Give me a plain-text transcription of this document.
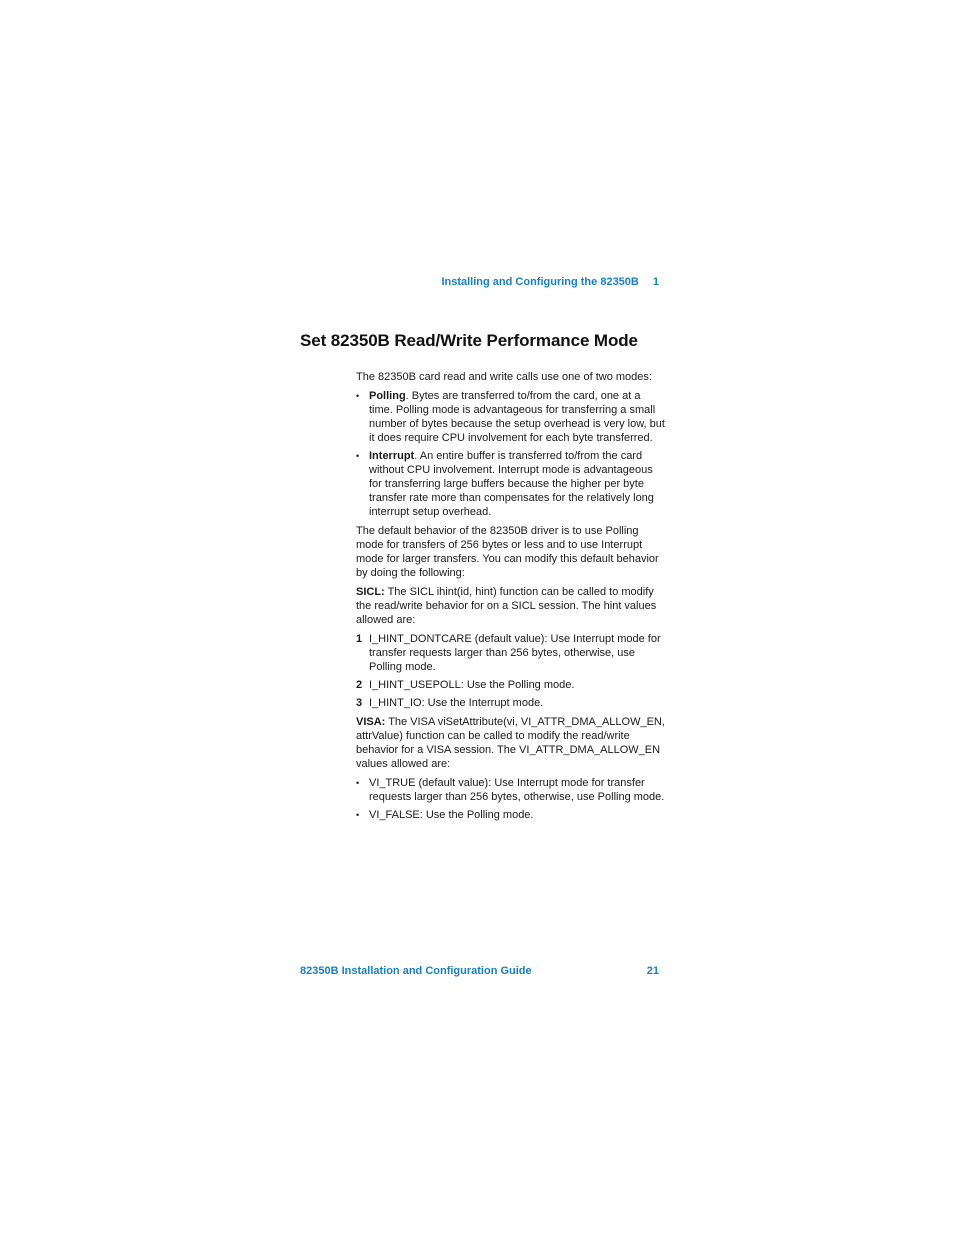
Installing and Configuring the 82350B 1
Set 82350B Read/Write Performance Mode

The 82350B card read and write calls use one of two modes:

• Polling. Bytes are transferred to/from the card, one at a time. Polling mode is advantageous for transferring a small number of bytes because the setup overhead is very low, but it does require CPU involvement for each byte transferred.
• Interrupt. An entire buffer is transferred to/from the card without CPU involvement. Interrupt mode is advantageous for transferring large buffers because the higher per byte transfer rate more than compensates for the relatively long interrupt setup overhead.

The default behavior of the 82350B driver is to use Polling mode for transfers of 256 bytes or less and to use Interrupt mode for larger transfers. You can modify this default behavior by doing the following:

SICL: The SICL ihint(id, hint) function can be called to modify the read/write behavior for on a SICL session. The hint values allowed are:

1 I_HINT_DONTCARE (default value): Use Interrupt mode for transfer requests larger than 256 bytes, otherwise, use Polling mode.
2 I_HINT_USEPOLL: Use the Polling mode.
3 I_HINT_IO: Use the Interrupt mode.

VISA: The VISA viSetAttribute(vi, VI_ATTR_DMA_ALLOW_EN, attrValue) function can be called to modify the read/write behavior for a VISA session. The VI_ATTR_DMA_ALLOW_EN values allowed are:

• VI_TRUE (default value): Use Interrupt mode for transfer requests larger than 256 bytes, otherwise, use Polling mode.
• VI_FALSE: Use the Polling mode.
82350B Installation and Configuration Guide	21
